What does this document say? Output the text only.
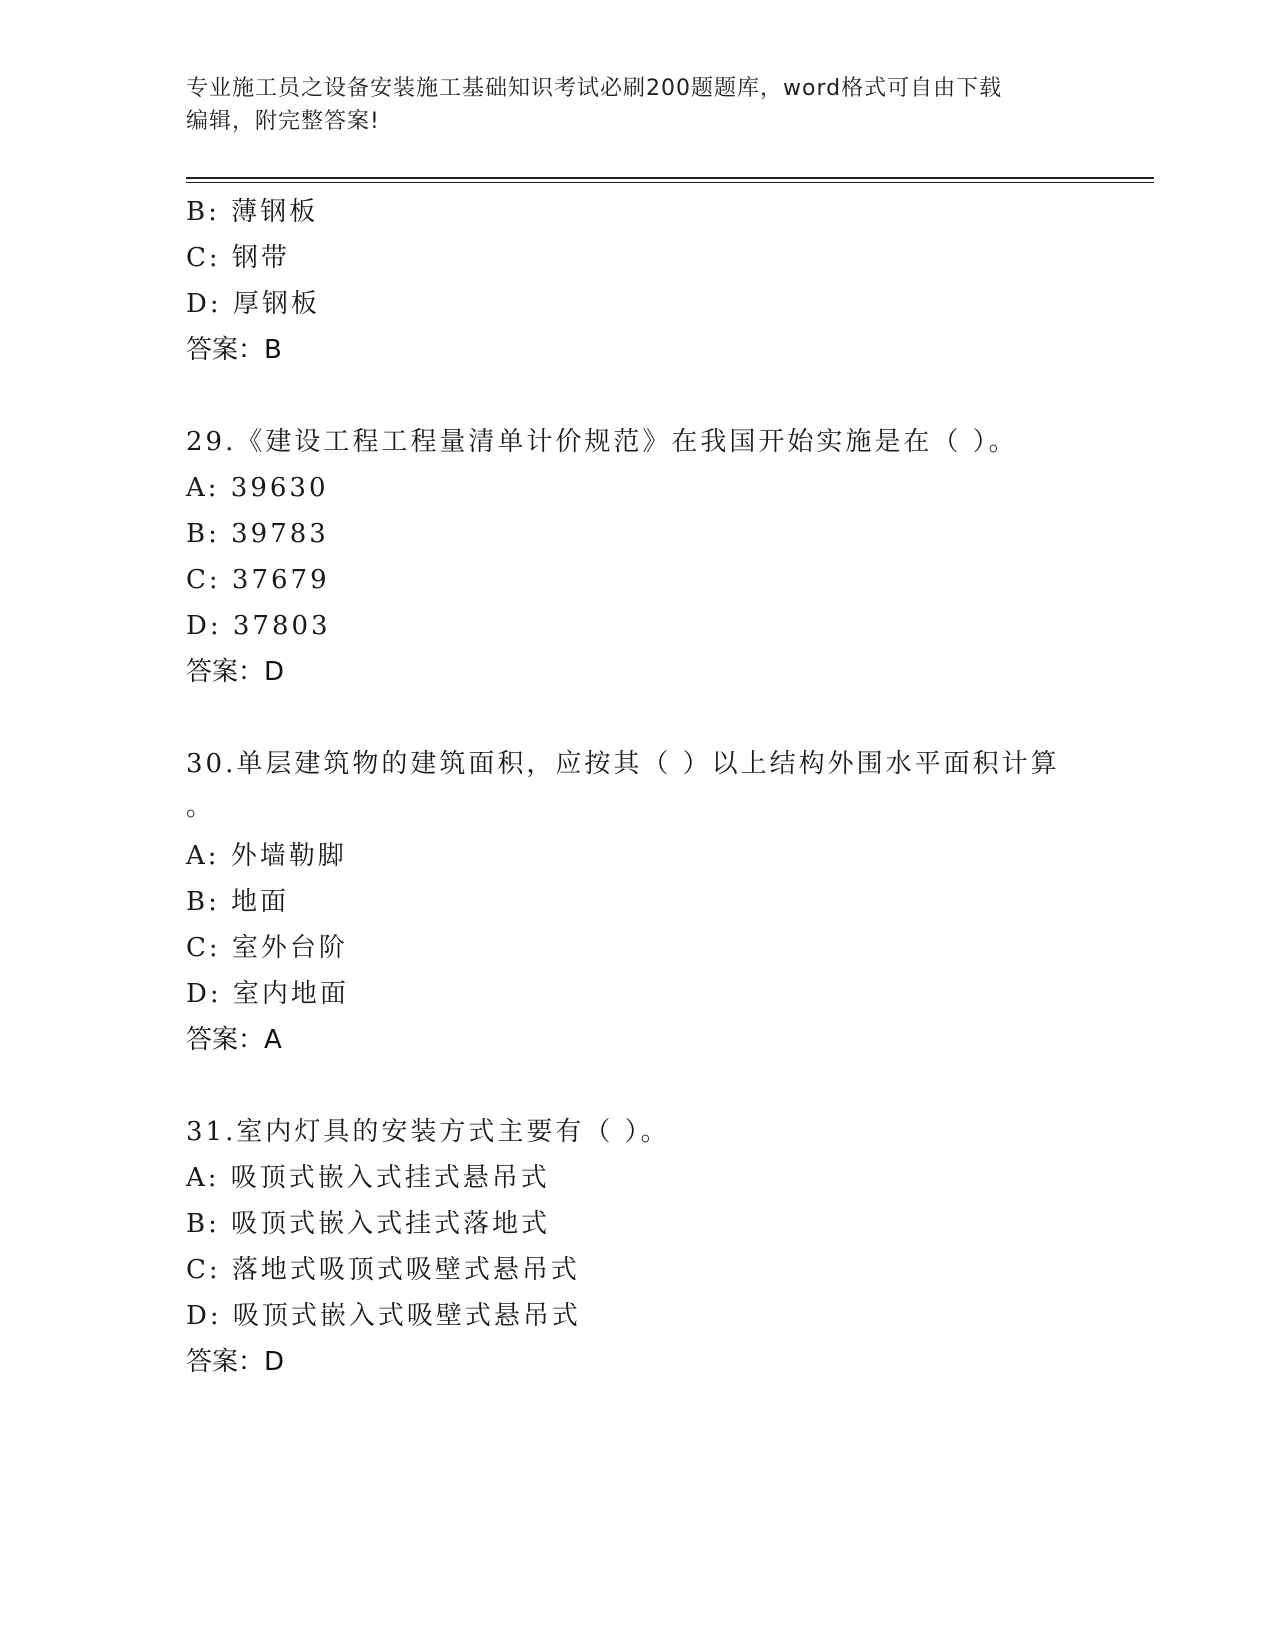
专业施工员之设备安装施工基础知识考试必刷200题题库，word格式可自由下载
编辑，附完整答案!
B: 薄钢板
C: 钢带
D: 厚钢板
答案：B
29.《建设工程工程量清单计价规范》在我国开始实施是在（ ）。
A: 39630
B: 39783
C: 37679
D: 37803
答案：D
30.单层建筑物的建筑面积，应按其（ ）以上结构外围水平面积计算
。
A: 外墙勒脚
B: 地面
C: 室外台阶
D: 室内地面
答案：A
31.室内灯具的安装方式主要有（ ）。
A: 吸顶式嵌入式挂式悬吊式
B: 吸顶式嵌入式挂式落地式
C: 落地式吸顶式吸壁式悬吊式
D: 吸顶式嵌入式吸壁式悬吊式
答案：D
